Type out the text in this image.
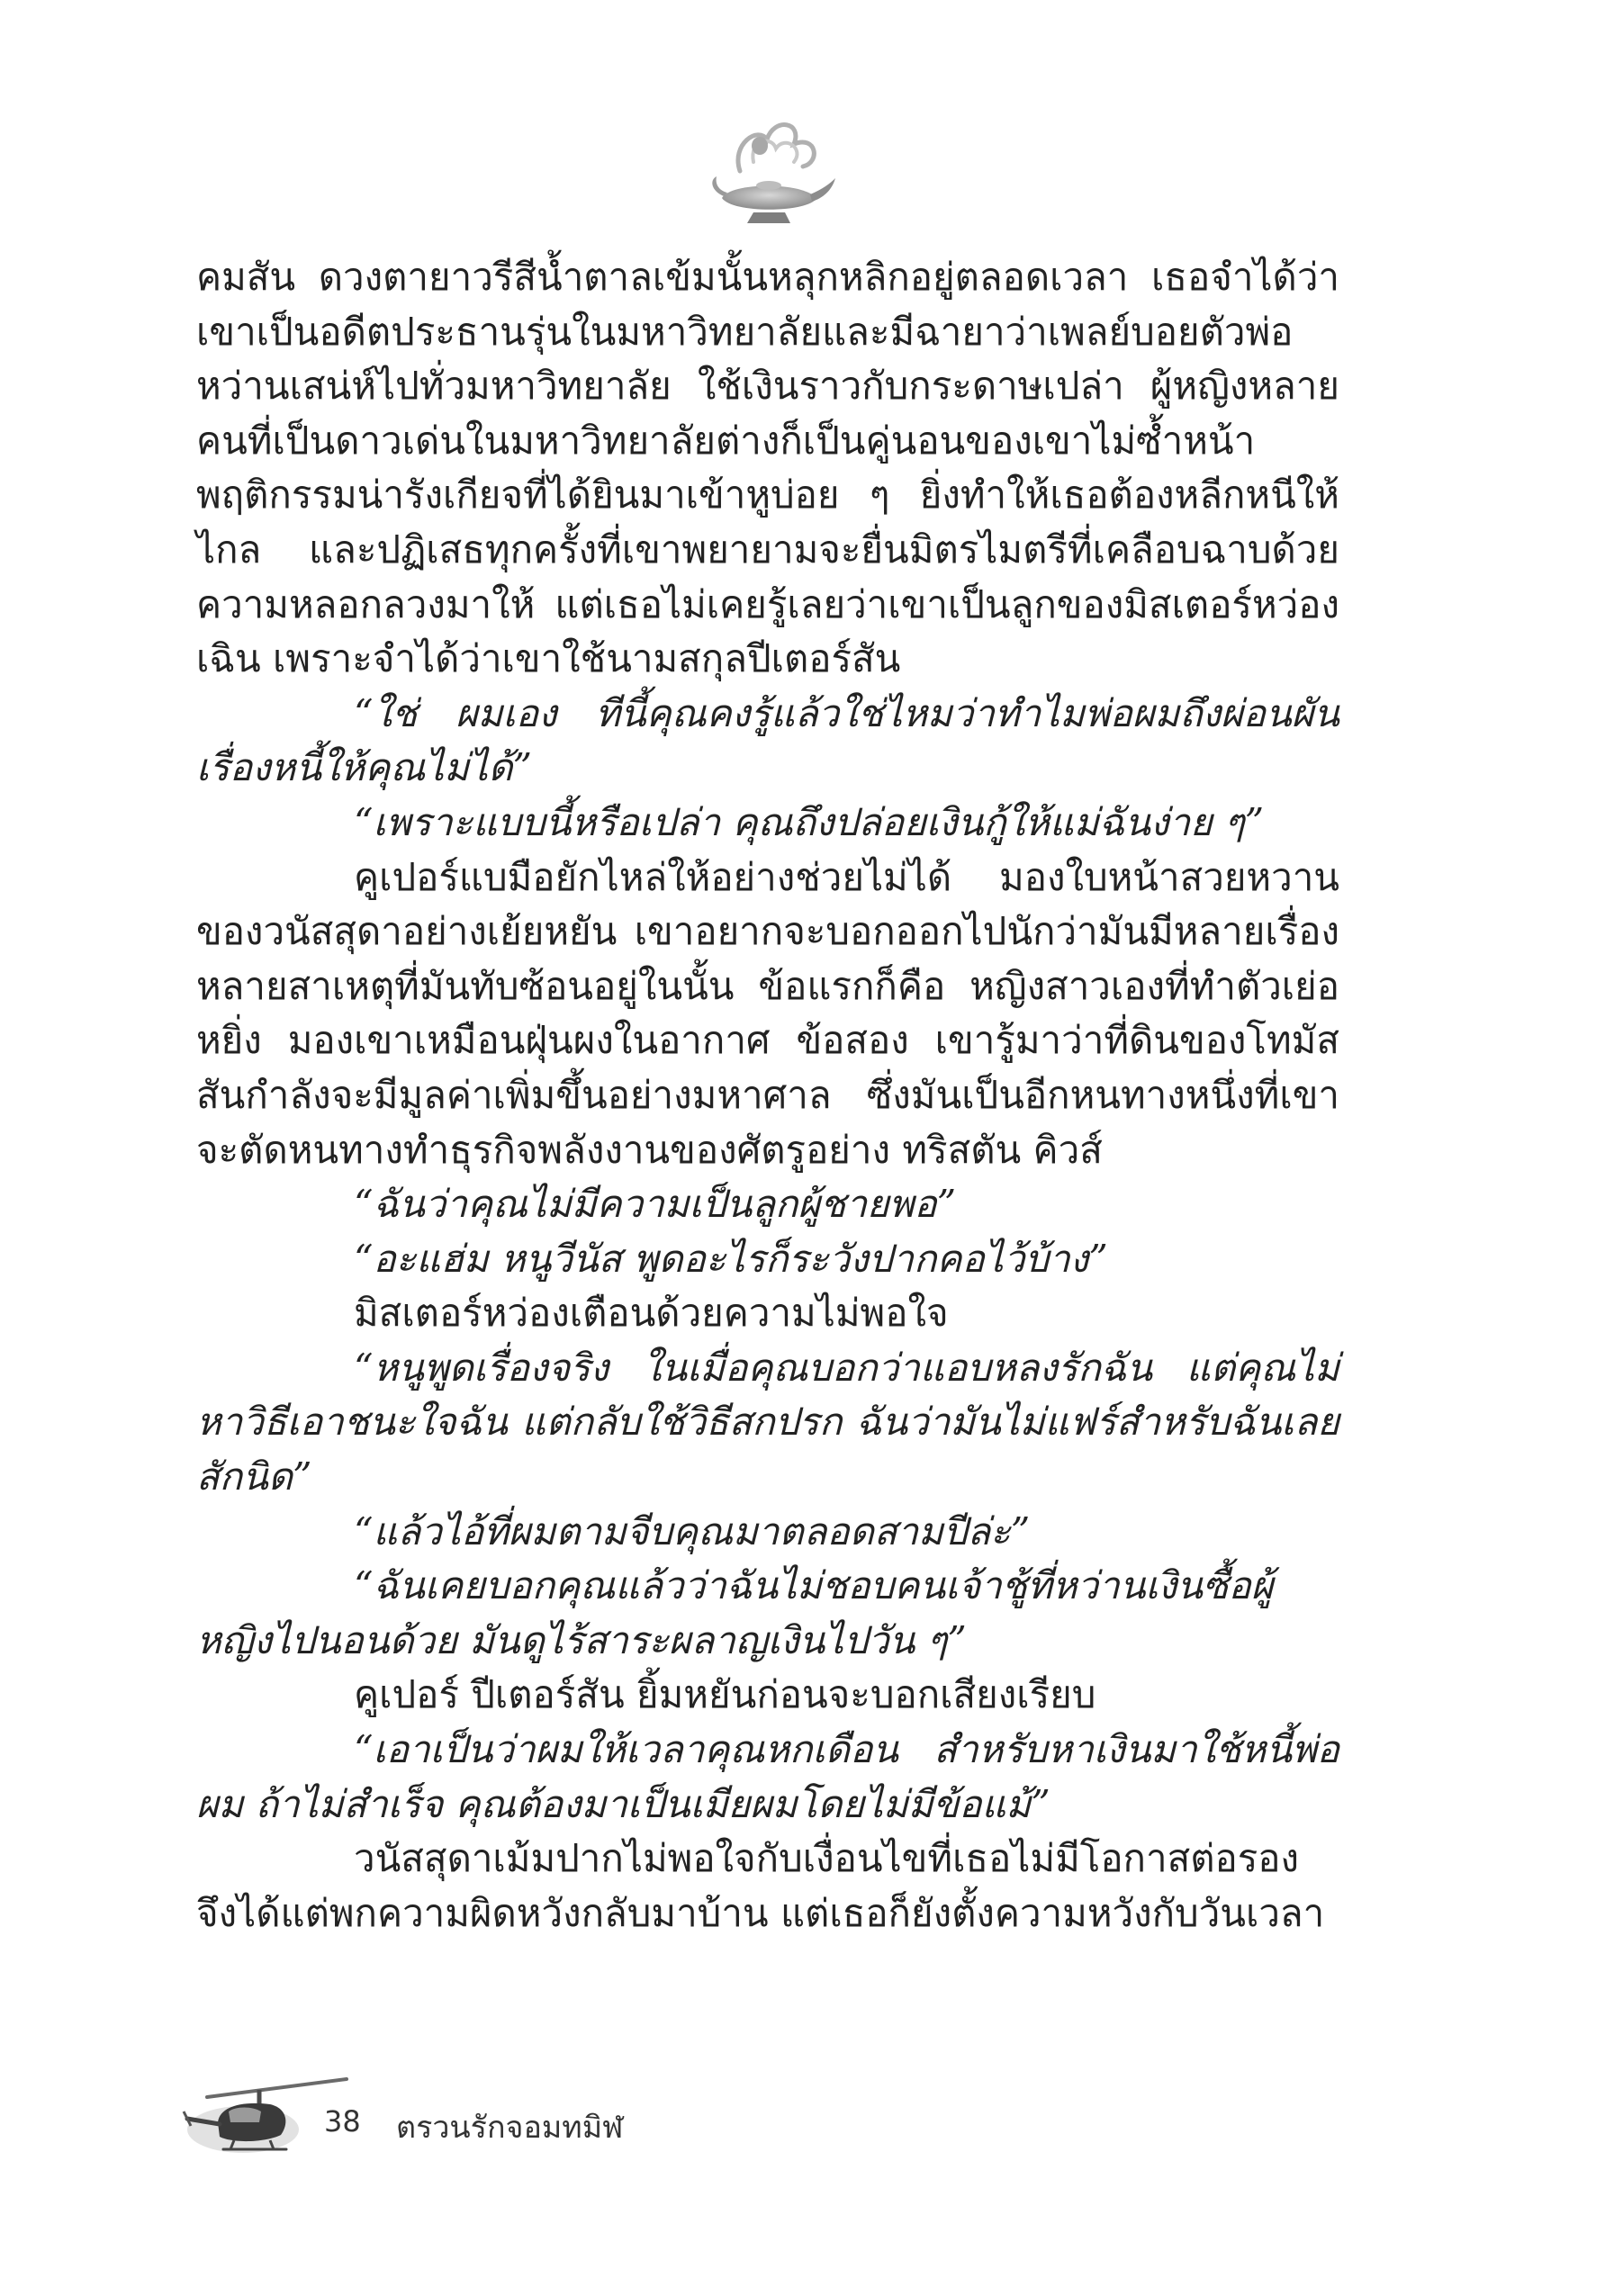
คมสัน ดวงตายาวรีสีน้ำตาลเข้มนั้นหลุกหลิกอยู่ตลอดเวลา เธอจำได้ว่าเขาเป็นอดีตประธานรุ่นในมหาวิทยาลัยและมีฉายาว่าเพลย์บอยตัวพ่อ หว่านเสน่ห์ไปทั่วมหาวิทยาลัย ใช้เงินราวกับกระดาษเปล่า ผู้หญิงหลายคนที่เป็นดาวเด่นในมหาวิทยาลัยต่างก็เป็นคู่นอนของเขาไม่ซ้ำหน้า พฤติกรรมน่ารังเกียจที่ได้ยินมาเข้าหูบ่อย ๆ ยิ่งทำให้เธอต้องหลีกหนีให้ไกล และปฏิเสธทุกครั้งที่เขาพยายามจะยื่นมิตรไมตรีที่เคลือบฉาบด้วยความหลอกลวงมาให้ แต่เธอไม่เคยรู้เลยว่าเขาเป็นลูกของมิสเตอร์หว่อง เฉิน เพราะจำได้ว่าเขาใช้นามสกุลปีเตอร์สัน

“ใช่ ผมเอง ทีนี้คุณคงรู้แล้วใช่ไหมว่าทำไมพ่อผมถึงผ่อนผันเรื่องหนี้ให้คุณไม่ได้”

“เพราะแบบนี้หรือเปล่า คุณถึงปล่อยเงินกู้ให้แม่ฉันง่าย ๆ”

คูเปอร์แบมือยักไหล่ให้อย่างช่วยไม่ได้ มองใบหน้าสวยหวานของวนัสสุดาอย่างเย้ยหยัน เขาอยากจะบอกออกไปนักว่ามันมีหลายเรื่องหลายสาเหตุที่มันทับซ้อนอยู่ในนั้น ข้อแรกก็คือ หญิงสาวเองที่ทำตัวเย่อหยิ่ง มองเขาเหมือนฝุ่นผงในอากาศ ข้อสอง เขารู้มาว่าที่ดินของโทมัสสันกำลังจะมีมูลค่าเพิ่มขึ้นอย่างมหาศาล ซึ่งมันเป็นอีกหนทางหนึ่งที่เขาจะตัดหนทางทำธุรกิจพลังงานของศัตรูอย่าง ทริสตัน คิวส์

“ฉันว่าคุณไม่มีความเป็นลูกผู้ชายพอ”

“อะแฮ่ม หนูวีนัส พูดอะไรก็ระวังปากคอไว้บ้าง”

มิสเตอร์หว่องเตือนด้วยความไม่พอใจ

“หนูพูดเรื่องจริง ในเมื่อคุณบอกว่าแอบหลงรักฉัน แต่คุณไม่หาวิธีเอาชนะใจฉัน แต่กลับใช้วิธีสกปรก ฉันว่ามันไม่แฟร์สำหรับฉันเลยสักนิด”

“แล้วไอ้ที่ผมตามจีบคุณมาตลอดสามปีล่ะ”

“ฉันเคยบอกคุณแล้วว่าฉันไม่ชอบคนเจ้าชู้ที่หว่านเงินซื้อผู้หญิงไปนอนด้วย มันดูไร้สาระผลาญเงินไปวัน ๆ”

คูเปอร์ ปีเตอร์สัน ยิ้มหยันก่อนจะบอกเสียงเรียบ

“เอาเป็นว่าผมให้เวลาคุณหกเดือน สำหรับหาเงินมาใช้หนี้พ่อผม ถ้าไม่สำเร็จ คุณต้องมาเป็นเมียผมโดยไม่มีข้อแม้”

วนัสสุดาเม้มปากไม่พอใจกับเงื่อนไขที่เธอไม่มีโอกาสต่อรอง จึงได้แต่พกความผิดหวังกลับมาบ้าน แต่เธอก็ยังตั้งความหวังกับวันเวลา

38 ตรวนรักจอมทมิฬ
